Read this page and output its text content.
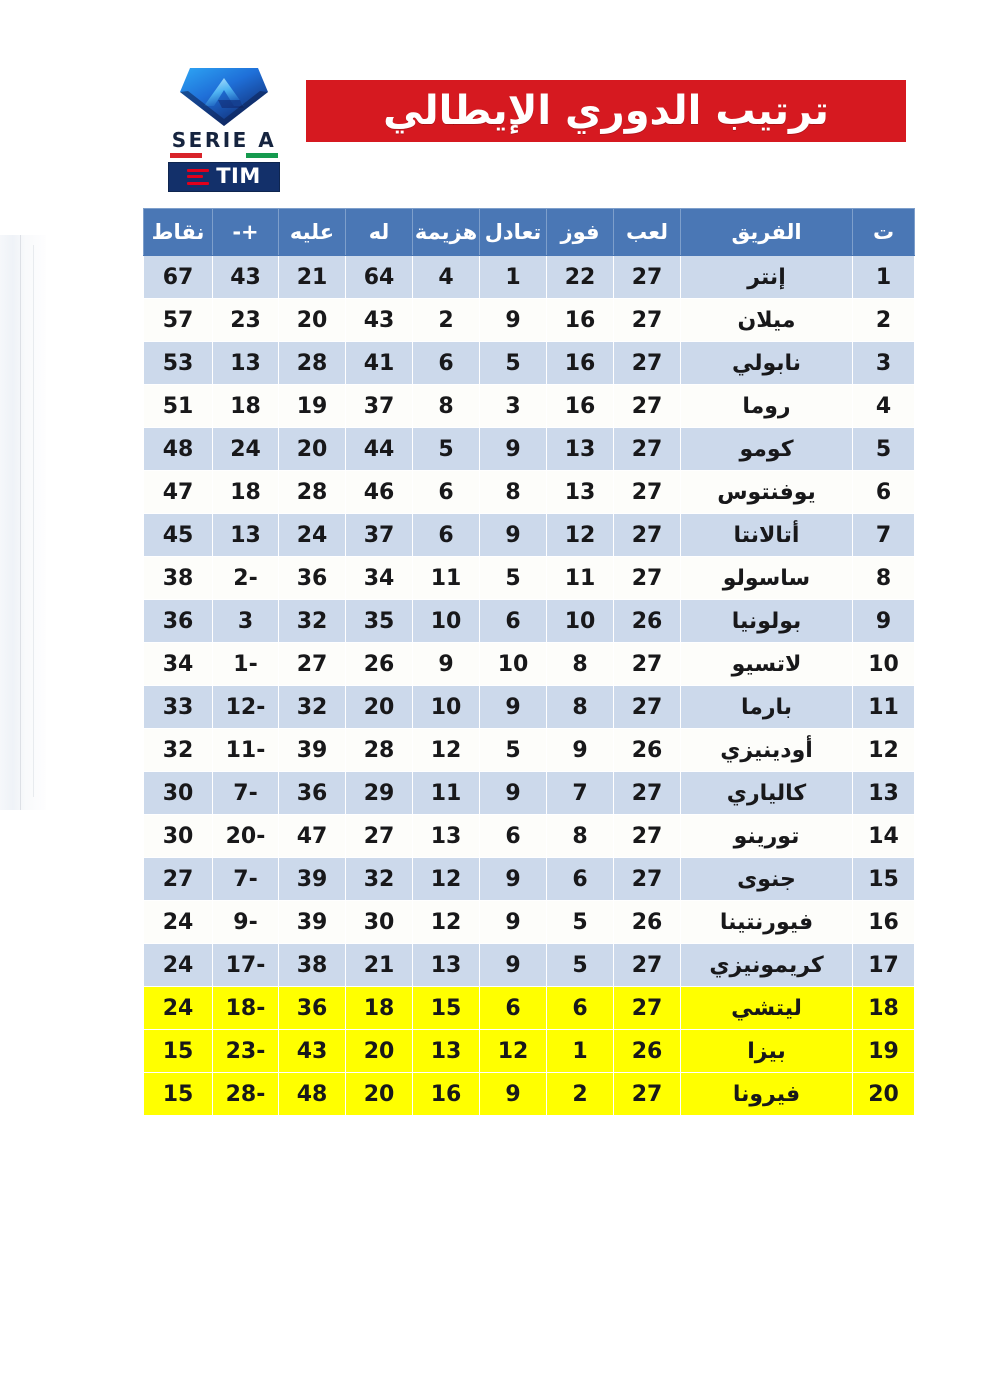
SERIE A
TIM
ترتيب الدوري الإيطالي
ت	الفريق	لعب	فوز	تعادل	هزيمة	له	عليه	+-	نقاط
1	إنتر	27	22	1	4	64	21	43	67
2	ميلان	27	16	9	2	43	20	23	57
3	نابولي	27	16	5	6	41	28	13	53
4	روما	27	16	3	8	37	19	18	51
5	كومو	27	13	9	5	44	20	24	48
6	يوفنتوس	27	13	8	6	46	28	18	47
7	أتالانتا	27	12	9	6	37	24	13	45
8	ساسولو	27	11	5	11	34	36	-2	38
9	بولونيا	26	10	6	10	35	32	3	36
10	لاتسيو	27	8	10	9	26	27	-1	34
11	بارما	27	8	9	10	20	32	-12	33
12	أودينيزي	26	9	5	12	28	39	-11	32
13	كالياري	27	7	9	11	29	36	-7	30
14	تورينو	27	8	6	13	27	47	-20	30
15	جنوى	27	6	9	12	32	39	-7	27
16	فيورنتينا	26	5	9	12	30	39	-9	24
17	كريمونيزي	27	5	9	13	21	38	-17	24
18	ليتشي	27	6	6	15	18	36	-18	24
19	بيزا	26	1	12	13	20	43	-23	15
20	فيرونا	27	2	9	16	20	48	-28	15
